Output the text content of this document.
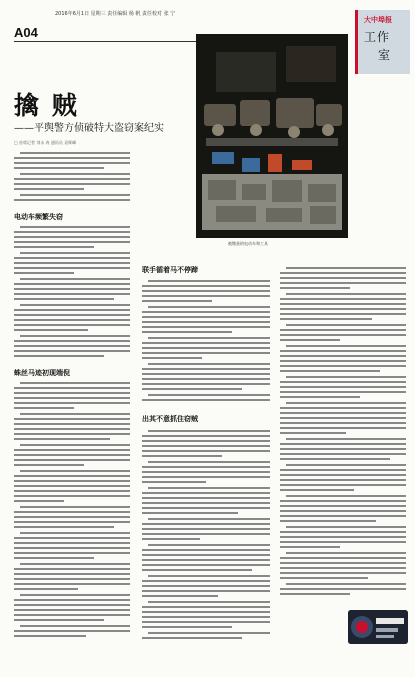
2016年6月1日 星期三 责任编辑 杨 帆 责任校对 张 宁
A04
大中埠报
工作
室
擒 贼
——平舆警方侦破特大盗窃案纪实
□ 首席记者 刘永 冉 通讯员 袁辉峰
被缴获的电动车和工具
电动车频繁失窃
蛛丝马迹初现端倪
联手循着马不停蹄
出其不意抓住窃贼
